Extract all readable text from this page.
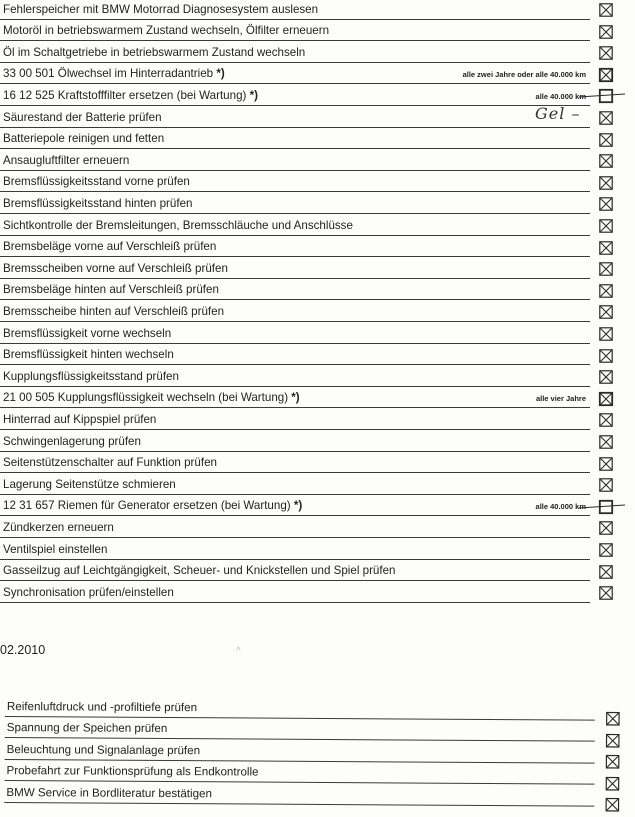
Fehlerspeicher mit BMW Motorrad Diagnosesystem auslesen
Motoröl in betriebswarmem Zustand wechseln, Ölfilter erneuern
Öl im Schaltgetriebe in betriebswarmem Zustand wechseln
33 00 501 Ölwechsel im Hinterradantrieb *)	alle zwei Jahre oder alle 40.000 km
16 12 525 Kraftstofffilter ersetzen (bei Wartung) *)	alle 40.000 km
Säurestand der Batterie prüfen
Batteriepole reinigen und fetten
Ansaugluftfilter erneuern
Bremsflüssigkeitsstand vorne prüfen
Bremsflüssigkeitsstand hinten prüfen
Sichtkontrolle der Bremsleitungen, Bremsschläuche und Anschlüsse
Bremsbeläge vorne auf Verschleiß prüfen
Bremsscheiben vorne auf Verschleiß prüfen
Bremsbeläge hinten auf Verschleiß prüfen
Bremsscheibe hinten auf Verschleiß prüfen
Bremsflüssigkeit vorne wechseln
Bremsflüssigkeit hinten wechseln
Kupplungsflüssigkeitsstand prüfen
21 00 505 Kupplungsflüssigkeit wechseln (bei Wartung) *)	alle vier Jahre
Hinterrad auf Kippspiel prüfen
Schwingenlagerung prüfen
Seitenstützenschalter auf Funktion prüfen
Lagerung Seitenstütze schmieren
12 31 657 Riemen für Generator ersetzen (bei Wartung) *)	alle 40.000 km
Zündkerzen erneuern
Ventilspiel einstellen
Gasseilzug auf Leichtgängigkeit, Scheuer- und Knickstellen und Spiel prüfen
Synchronisation prüfen/einstellen
Gel –
02.2010
Reifenluftdruck und -profiltiefe prüfen
Spannung der Speichen prüfen
Beleuchtung und Signalanlage prüfen
Probefahrt zur Funktionsprüfung als Endkontrolle
BMW Service in Bordliteratur bestätigen
^
